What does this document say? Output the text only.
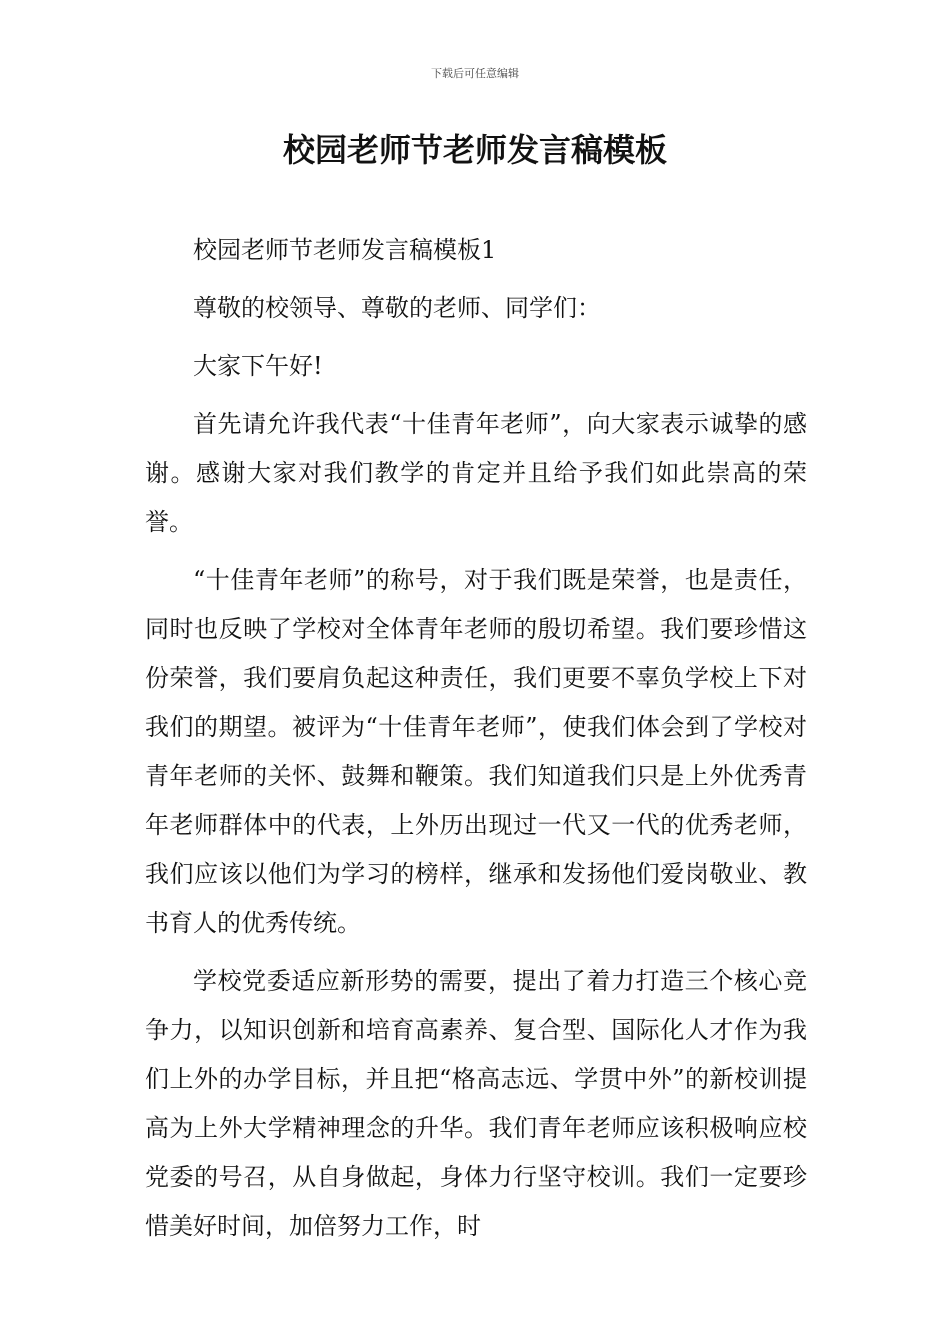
下载后可任意编辑
校园老师节老师发言稿模板

校园老师节老师发言稿模板1

尊敬的校领导、尊敬的老师、同学们：

大家下午好!

首先请允许我代表“十佳青年老师”，向大家表示诚挚的感谢。感谢大家对我们教学的肯定并且给予我们如此崇高的荣誉。

“十佳青年老师”的称号，对于我们既是荣誉，也是责任，同时也反映了学校对全体青年老师的殷切希望。我们要珍惜这份荣誉，我们要肩负起这种责任，我们更要不辜负学校上下对我们的期望。被评为“十佳青年老师”，使我们体会到了学校对青年老师的关怀、鼓舞和鞭策。我们知道我们只是上外优秀青年老师群体中的代表，上外历出现过一代又一代的优秀老师，我们应该以他们为学习的榜样，继承和发扬他们爱岗敬业、教书育人的优秀传统。

学校党委适应新形势的需要，提出了着力打造三个核心竞争力，以知识创新和培育高素养、复合型、国际化人才作为我们上外的办学目标，并且把“格高志远、学贯中外”的新校训提高为上外大学精神理念的升华。我们青年老师应该积极响应校党委的号召，从自身做起，身体力行坚守校训。我们一定要珍惜美好时间，加倍努力工作，时
